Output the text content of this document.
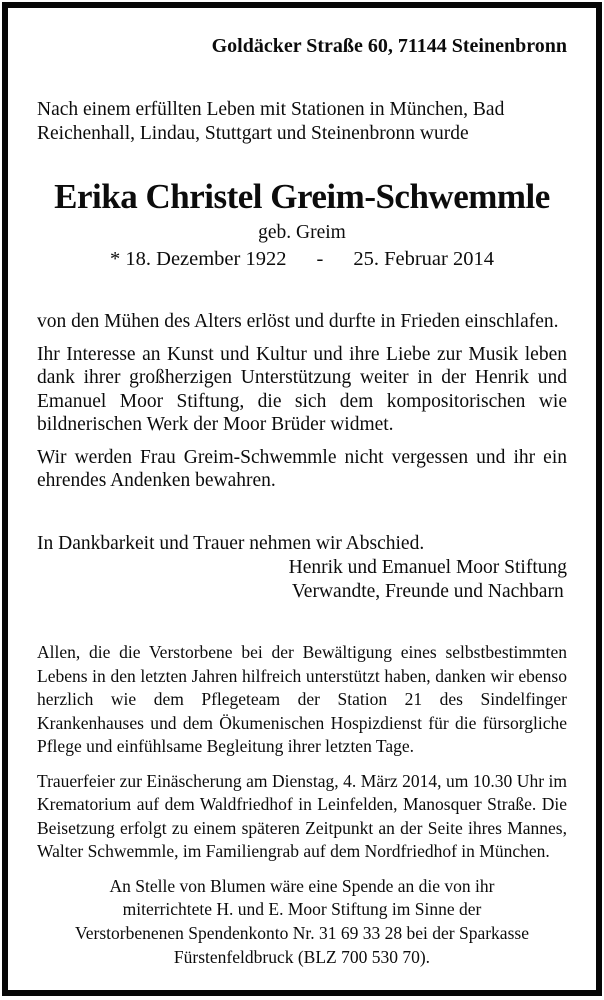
Goldäcker Straße 60, 71144 Steinenbronn

Nach einem erfüllten Leben mit Stationen in München, Bad Reichenhall, Lindau, Stuttgart und Steinenbronn wurde

Erika Christel Greim-Schwemmle
geb. Greim
* 18. Dezember 1922 - 25. Februar 2014

von den Mühen des Alters erlöst und durfte in Frieden einschlafen.

Ihr Interesse an Kunst und Kultur und ihre Liebe zur Musik leben dank ihrer großherzigen Unterstützung weiter in der Henrik und Emanuel Moor Stiftung, die sich dem kompositorischen wie bildnerischen Werk der Moor Brüder widmet.

Wir werden Frau Greim-Schwemmle nicht vergessen und ihr ein ehrendes Andenken bewahren.

In Dankbarkeit und Trauer nehmen wir Abschied.

Henrik und Emanuel Moor Stiftung
Verwandte, Freunde und Nachbarn

Allen, die die Verstorbene bei der Bewältigung eines selbstbestimmten Lebens in den letzten Jahren hilfreich unterstützt haben, danken wir ebenso herzlich wie dem Pflegeteam der Station 21 des Sindelfinger Krankenhauses und dem Ökumenischen Hospizdienst für die fürsorgliche Pflege und einfühlsame Begleitung ihrer letzten Tage.

Trauerfeier zur Einäscherung am Dienstag, 4. März 2014, um 10.30 Uhr im Krematorium auf dem Waldfriedhof in Leinfelden, Manosquer Straße. Die Beisetzung erfolgt zu einem späteren Zeitpunkt an der Seite ihres Mannes, Walter Schwemmle, im Familiengrab auf dem Nordfriedhof in München.

An Stelle von Blumen wäre eine Spende an die von ihr miterrichtete H. und E. Moor Stiftung im Sinne der Verstorbenenen Spendenkonto Nr. 31 69 33 28 bei der Sparkasse Fürstenfeldbruck (BLZ 700 530 70).
